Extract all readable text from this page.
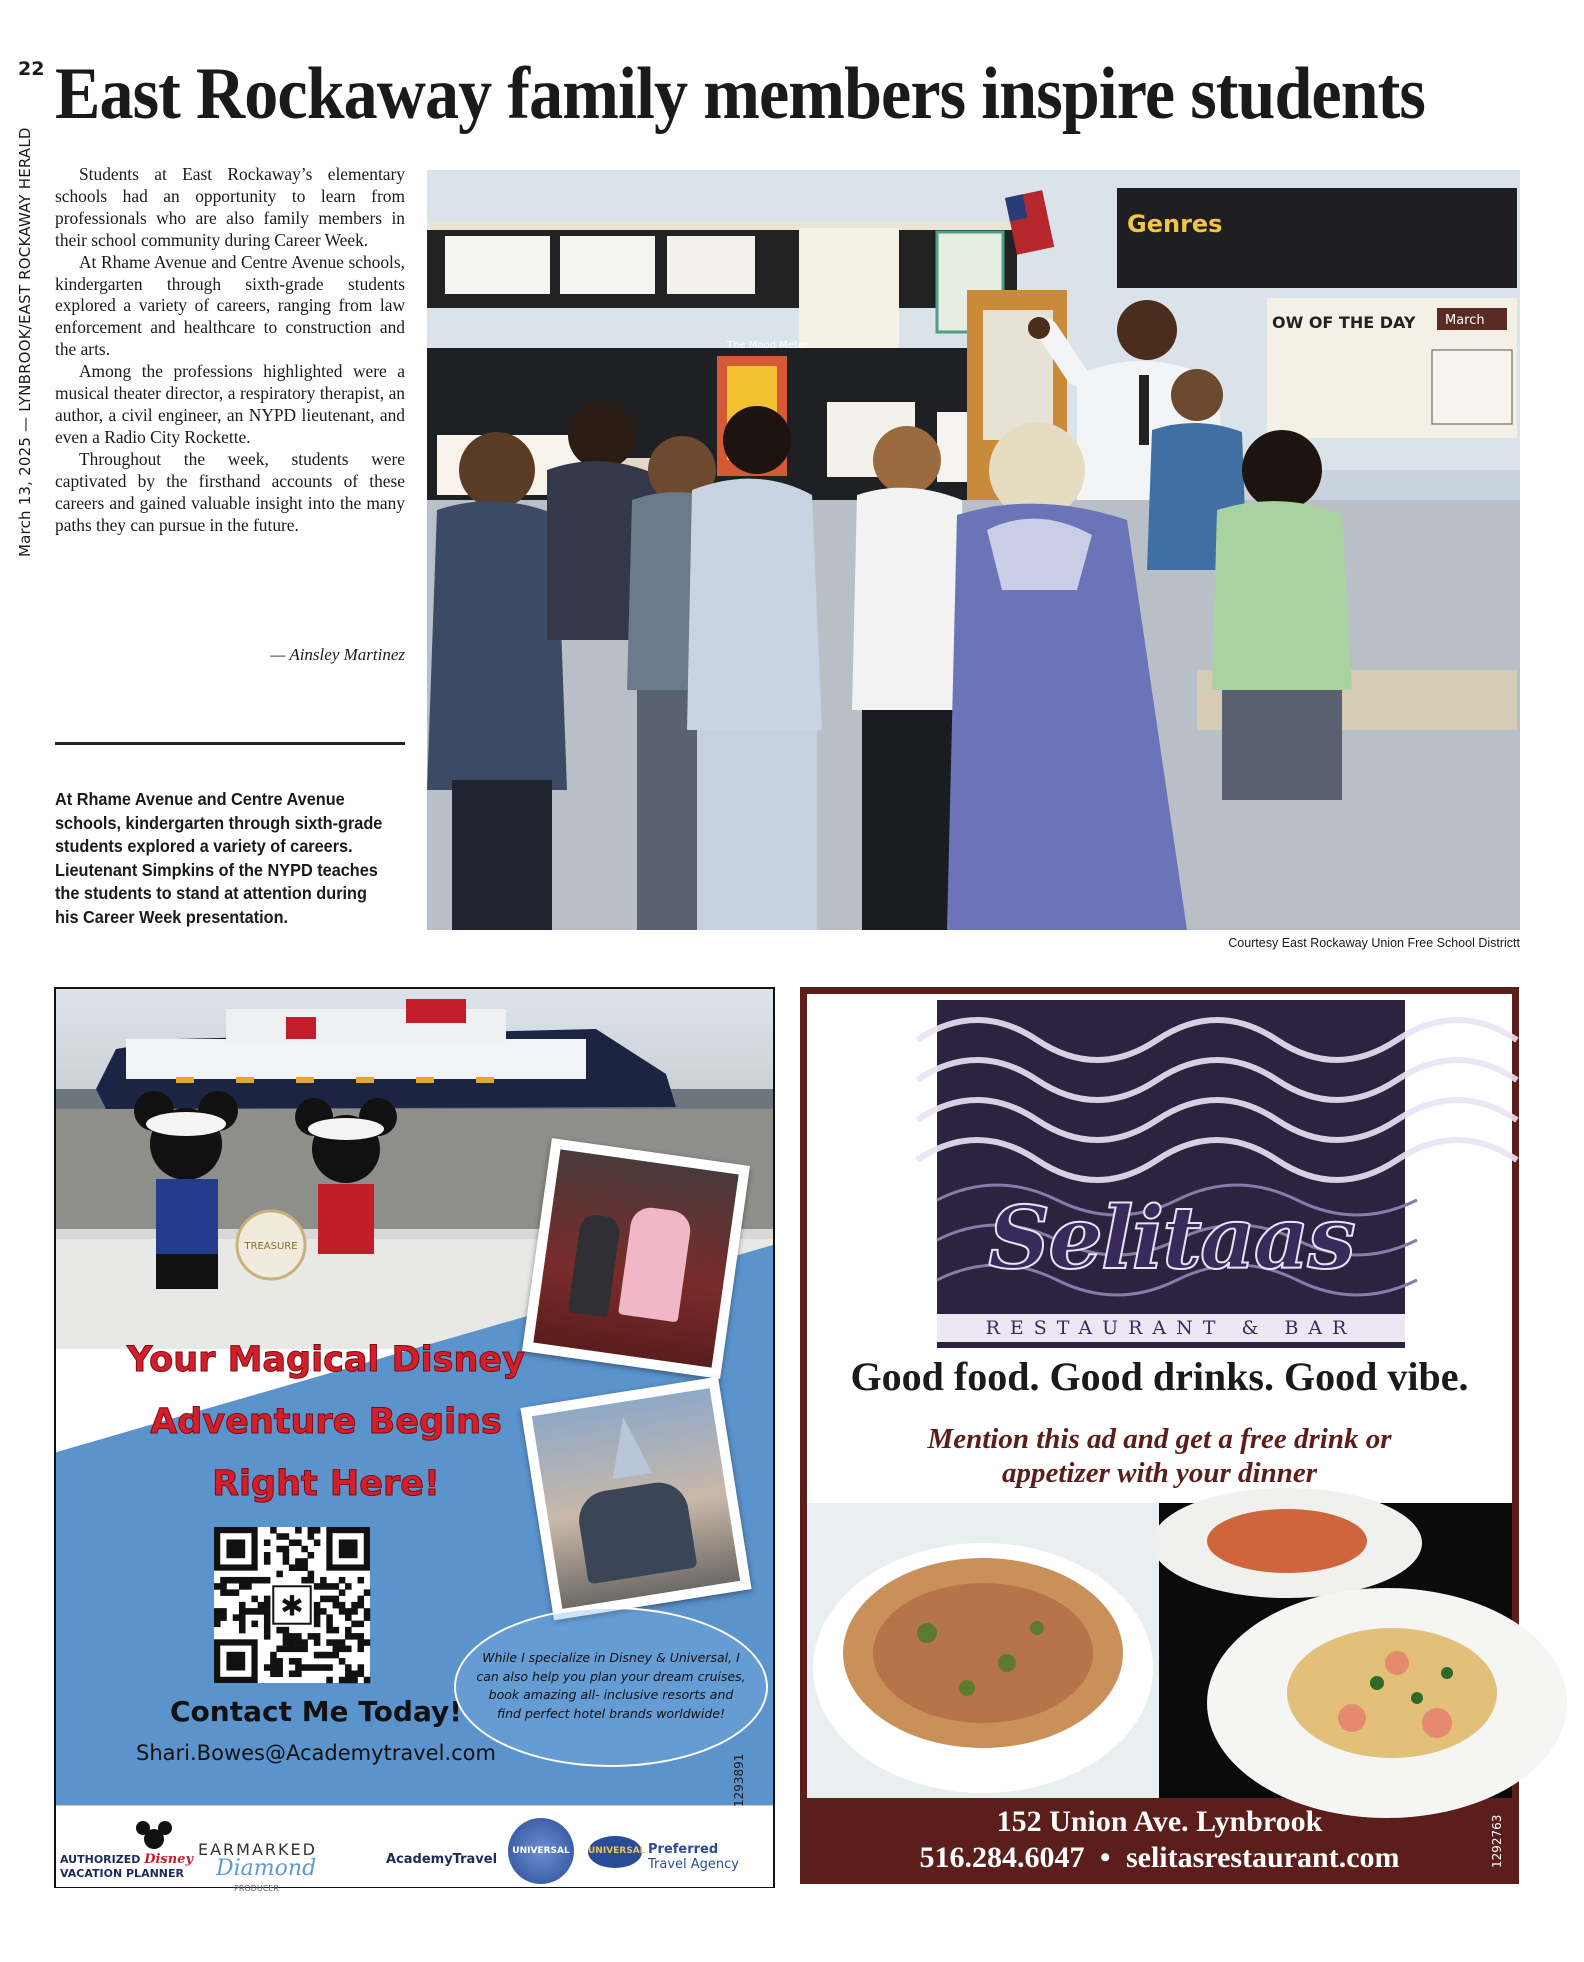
22 East Rockaway family members inspire students
March 13, 2025 — LYNBROOK/EAST ROCKAWAY HERALD	Students at East Rockaway’s elementary schools had an opportunity to learn from professionals who are also family members in their school community during Career Week.

At Rhame Avenue and Centre Avenue schools, kindergarten through sixth-grade students explored a variety of careers, ranging from law enforcement and healthcare to construction and the arts.

Among the professions highlighted were a musical theater director, a respiratory therapist, an author, a civil engineer, an NYPD lieutenant, and even a Radio City Rockette.

Throughout the week, students were captivated by the firsthand accounts of these careers and gained valuable insight into the many paths they can pursue in the future.

— Ainsley Martinez
At Rhame Avenue and Centre Avenue schools, kindergarten through sixth-grade students explored a variety of careers. Lieutenant Simpkins of the NYPD teaches the students to stand at attention during his Career Week presentation.
Genres
OW OF THE DAY March
The Mood Meter
Courtesy East Rockaway Union Free School Districtt
TREASURE
Your Magical Disney
Adventure Begins
Right Here!
✱
Contact Me Today!
Shari.Bowes@Academytravel.com
While I specialize in Disney & Universal, I can also help you plan your dream cruises, book amazing all- inclusive resorts and find perfect hotel brands worldwide!
AUTHORIZED Disney
VACATION PLANNER
EARMARKED
Diamond
PRODUCER
AcademyTravel
UNIVERSAL UNIVERSAL Preferred
Travel Agency
1293891
Selitaas
RESTAURANT & BAR
Good food. Good drinks. Good vibe.
Mention this ad and get a free drink or
appetizer with your dinner
152 Union Ave. Lynbrook
516.284.6047 • selitasrestaurant.com	1292763
